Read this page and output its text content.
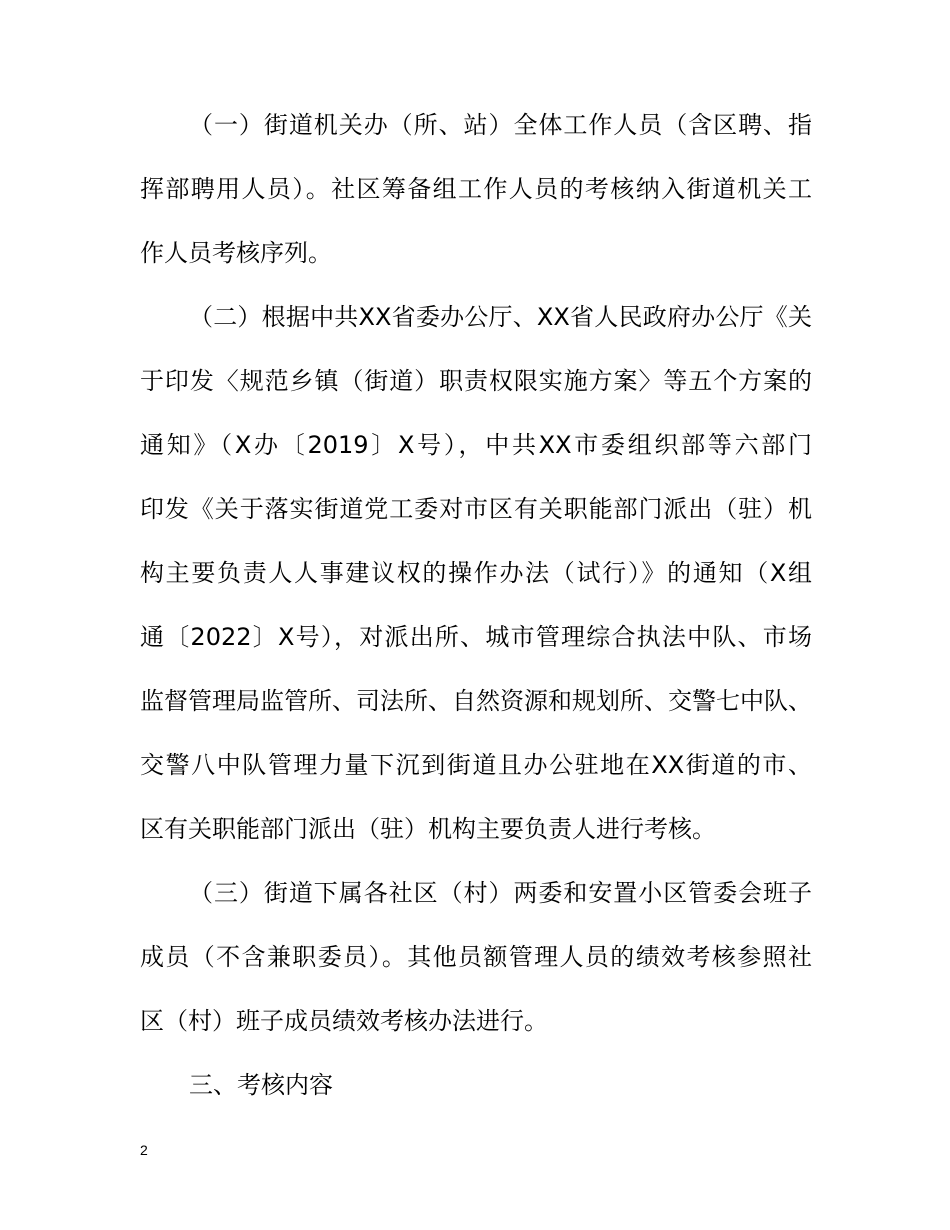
（一）街道机关办（所、站）全体工作人员（含区聘、指
挥部聘用人员）。社区筹备组工作人员的考核纳入街道机关工
作人员考核序列。
（二）根据中共XX省委办公厅、XX省人民政府办公厅《关
于印发〈规范乡镇（街道）职责权限实施方案〉等五个方案的
通知》（X办〔2019〕X号），中共XX市委组织部等六部门
印发《关于落实街道党工委对市区有关职能部门派出（驻）机
构主要负责人人事建议权的操作办法（试行）》的通知（X组
通〔2022〕X号），对派出所、城市管理综合执法中队、市场
监督管理局监管所、司法所、自然资源和规划所、交警七中队、
交警八中队管理力量下沉到街道且办公驻地在XX街道的市、
区有关职能部门派出（驻）机构主要负责人进行考核。
（三）街道下属各社区（村）两委和安置小区管委会班子
成员（不含兼职委员）。其他员额管理人员的绩效考核参照社
区（村）班子成员绩效考核办法进行。
三、考核内容
2
